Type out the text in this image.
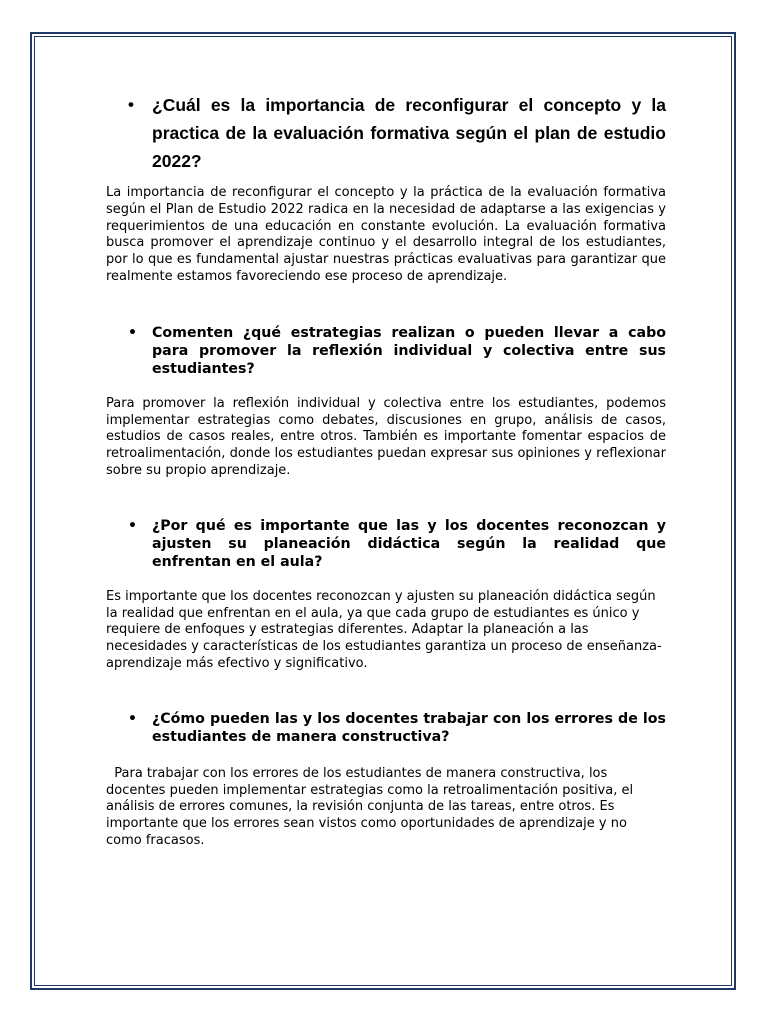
• ¿Cuál es la importancia de reconfigurar el concepto y la practica de la evaluación formativa según el plan de estudio 2022?

La importancia de reconfigurar el concepto y la práctica de la evaluación formativa según el Plan de Estudio 2022 radica en la necesidad de adaptarse a las exigencias y requerimientos de una educación en constante evolución. La evaluación formativa busca promover el aprendizaje continuo y el desarrollo integral de los estudiantes, por lo que es fundamental ajustar nuestras prácticas evaluativas para garantizar que realmente estamos favoreciendo ese proceso de aprendizaje.

• Comenten ¿qué estrategias realizan o pueden llevar a cabo para promover la reflexión individual y colectiva entre sus estudiantes?

Para promover la reflexión individual y colectiva entre los estudiantes, podemos implementar estrategias como debates, discusiones en grupo, análisis de casos, estudios de casos reales, entre otros. También es importante fomentar espacios de retroalimentación, donde los estudiantes puedan expresar sus opiniones y reflexionar sobre su propio aprendizaje.

• ¿Por qué es importante que las y los docentes reconozcan y ajusten su planeación didáctica según la realidad que enfrentan en el aula?

Es importante que los docentes reconozcan y ajusten su planeación didáctica según la realidad que enfrentan en el aula, ya que cada grupo de estudiantes es único y requiere de enfoques y estrategias diferentes. Adaptar la planeación a las necesidades y características de los estudiantes garantiza un proceso de enseñanza-aprendizaje más efectivo y significativo.

• ¿Cómo pueden las y los docentes trabajar con los errores de los estudiantes de manera constructiva?

Para trabajar con los errores de los estudiantes de manera constructiva, los docentes pueden implementar estrategias como la retroalimentación positiva, el análisis de errores comunes, la revisión conjunta de las tareas, entre otros. Es importante que los errores sean vistos como oportunidades de aprendizaje y no como fracasos.
